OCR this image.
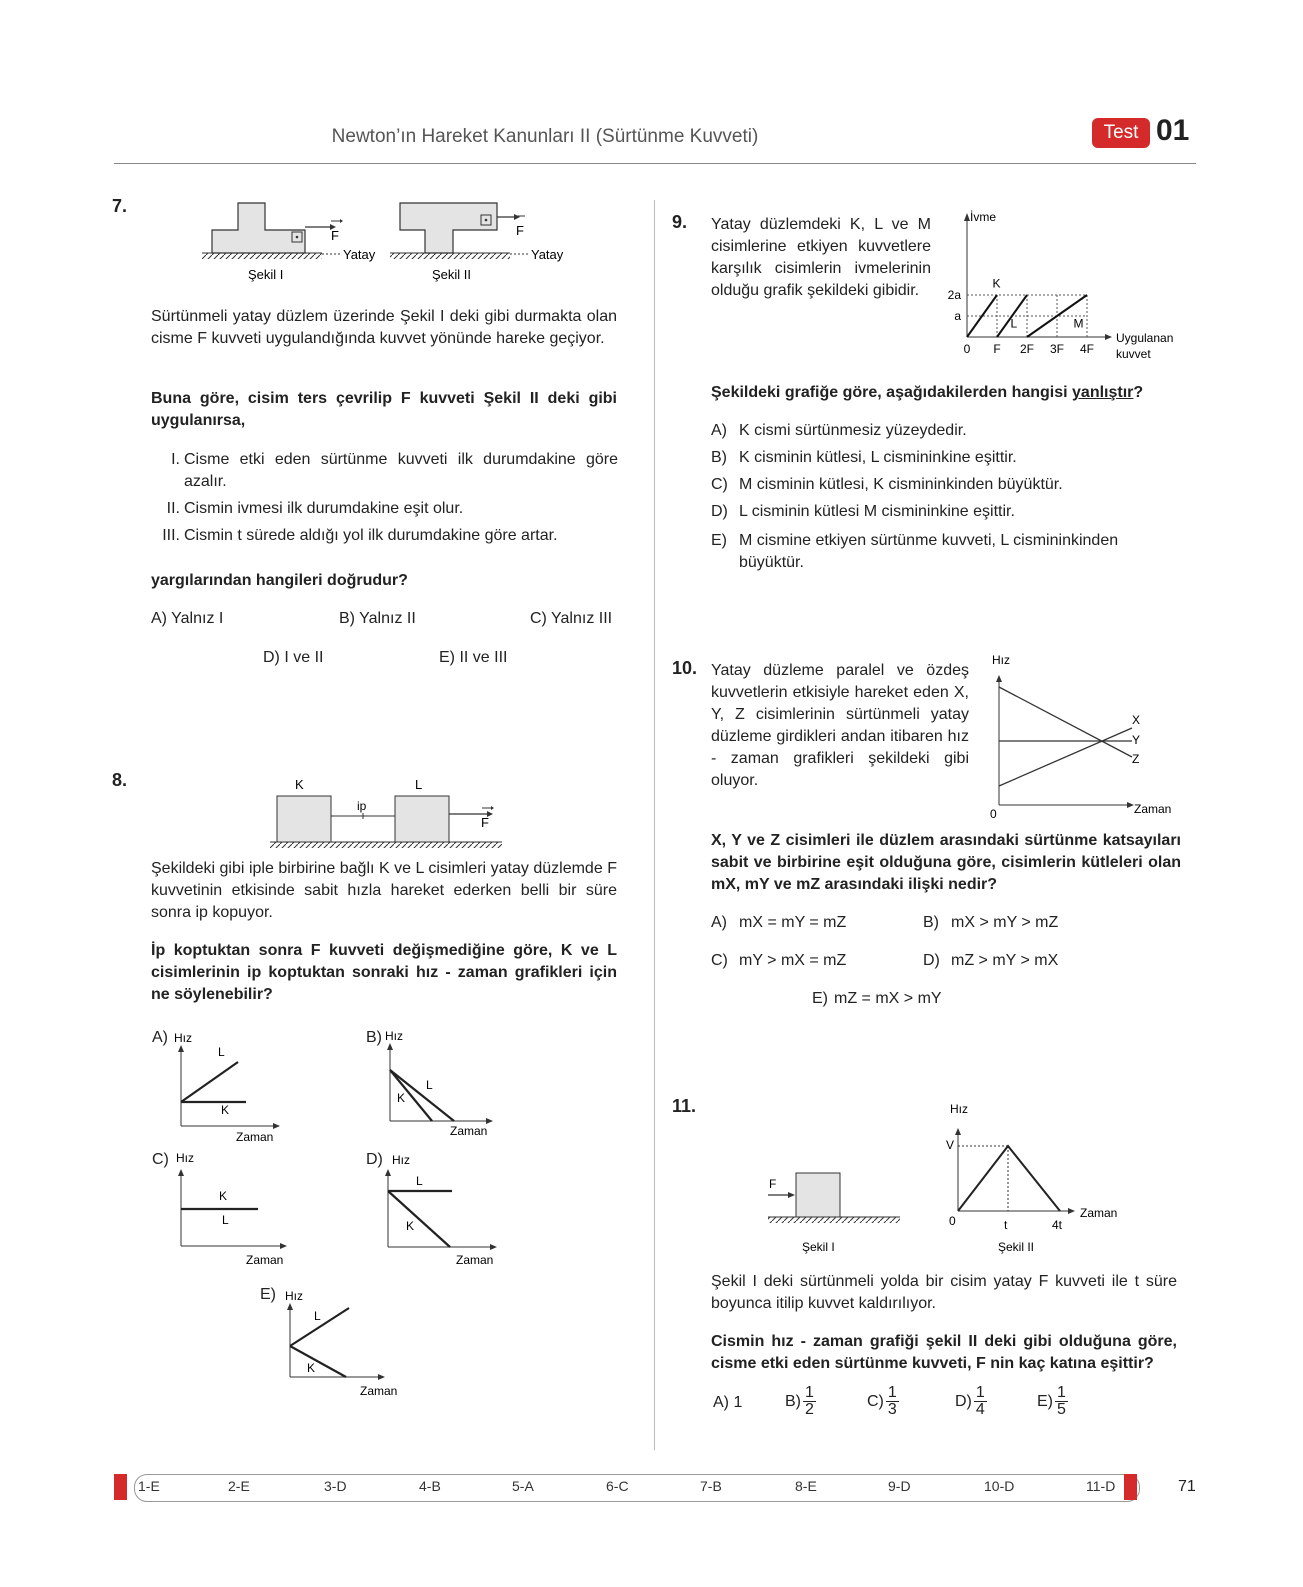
Newton’ın Hareket Kanunları II (Sürtünme Kuvveti)	Test 01
7.
F
Yatay
Şekil I
F
Yatay
Şekil II
Sürtünmeli yatay düzlem üzerinde Şekil I deki gibi durmakta olan cisme F kuvveti uygulandığında kuvvet yönünde hareke geçiyor.
Buna göre, cisim ters çevrilip F kuvveti Şekil II deki gibi uygulanırsa,
I. Cisme etki eden sürtünme kuvveti ilk durumdakine göre azalır.
II. Cismin ivmesi ilk durumdakine eşit olur.
III. Cismin t sürede aldığı yol ilk durumdakine göre artar.
yargılarından hangileri doğrudur?
A) Yalnız I	B) Yalnız II	C) Yalnız III
D) I ve II	E) II ve III
8.	K	L
ip
F
Şekildeki gibi iple birbirine bağlı K ve L cisimleri yatay düzlemde F kuvvetinin etkisinde sabit hızla hareket ederken belli bir süre sonra ip kopuyor.
İp koptuktan sonra F kuvveti değişmediğine göre, K ve L cisimlerinin ip koptuktan sonraki hız - zaman grafikleri için ne söylenebilir?
A) Hız
L
K
Zaman
B) Hız
L
K
Zaman
C) Hız
K
L
Zaman
D) Hız
L
K
Zaman
E) Hız
L
K
Zaman
9. Yatay düzlemdeki K, L ve M cisimlerine etkiyen kuvvetlere karşılık cisimlerin ivmelerinin olduğu grafik şekildeki gibidir.
İvme
Uygulanan
kuvvet
0 F 2F 3F 4F
a
2a
K
L	M
Şekildeki grafiğe göre, aşağıdakilerden hangisi yanlıştır?
A) K cismi sürtünmesiz yüzeydedir.
B) K cisminin kütlesi, L cismininkine eşittir.
C) M cisminin kütlesi, K cismininkinden büyüktür.
D) L cisminin kütlesi M cismininkine eşittir.
E) M cismine etkiyen sürtünme kuvveti, L cismininkinden büyüktür.
10. Yatay düzleme paralel ve özdeş kuvvetlerin etkisiyle hareket eden X, Y, Z cisimlerinin sürtünmeli yatay düzleme girdikleri andan itibaren hız - zaman grafikleri şekildeki gibi oluyor.
Hız
0	Zaman
X
Y
Z
X, Y ve Z cisimleri ile düzlem arasındaki sürtünme katsayıları sabit ve birbirine eşit olduğuna göre, cisimlerin kütleleri olan mX, mY ve mZ arasındaki ilişki nedir?
A) mX = mY = mZ	B) mX > mY > mZ
C) mY > mX = mZ	D) mZ > mY > mX
E) mZ = mX > mY
11.
F
Şekil I
Hız
Zaman
0
V
t	4t
Şekil II
Şekil I deki sürtünmeli yolda bir cisim yatay F kuvveti ile t süre boyunca itilip kuvvet kaldırılıyor.
Cismin hız - zaman grafiği şekil II deki gibi olduğuna göre, cisme etki eden sürtünme kuvveti, F nin kaç katına eşittir?
A) 1	B) 1
2	C) 1
3	D) 1
4	E) 1
5
1-E	2-E	3-D	4-B	5-A	6-C	7-B	8-E	9-D	10-D	11-D	71
